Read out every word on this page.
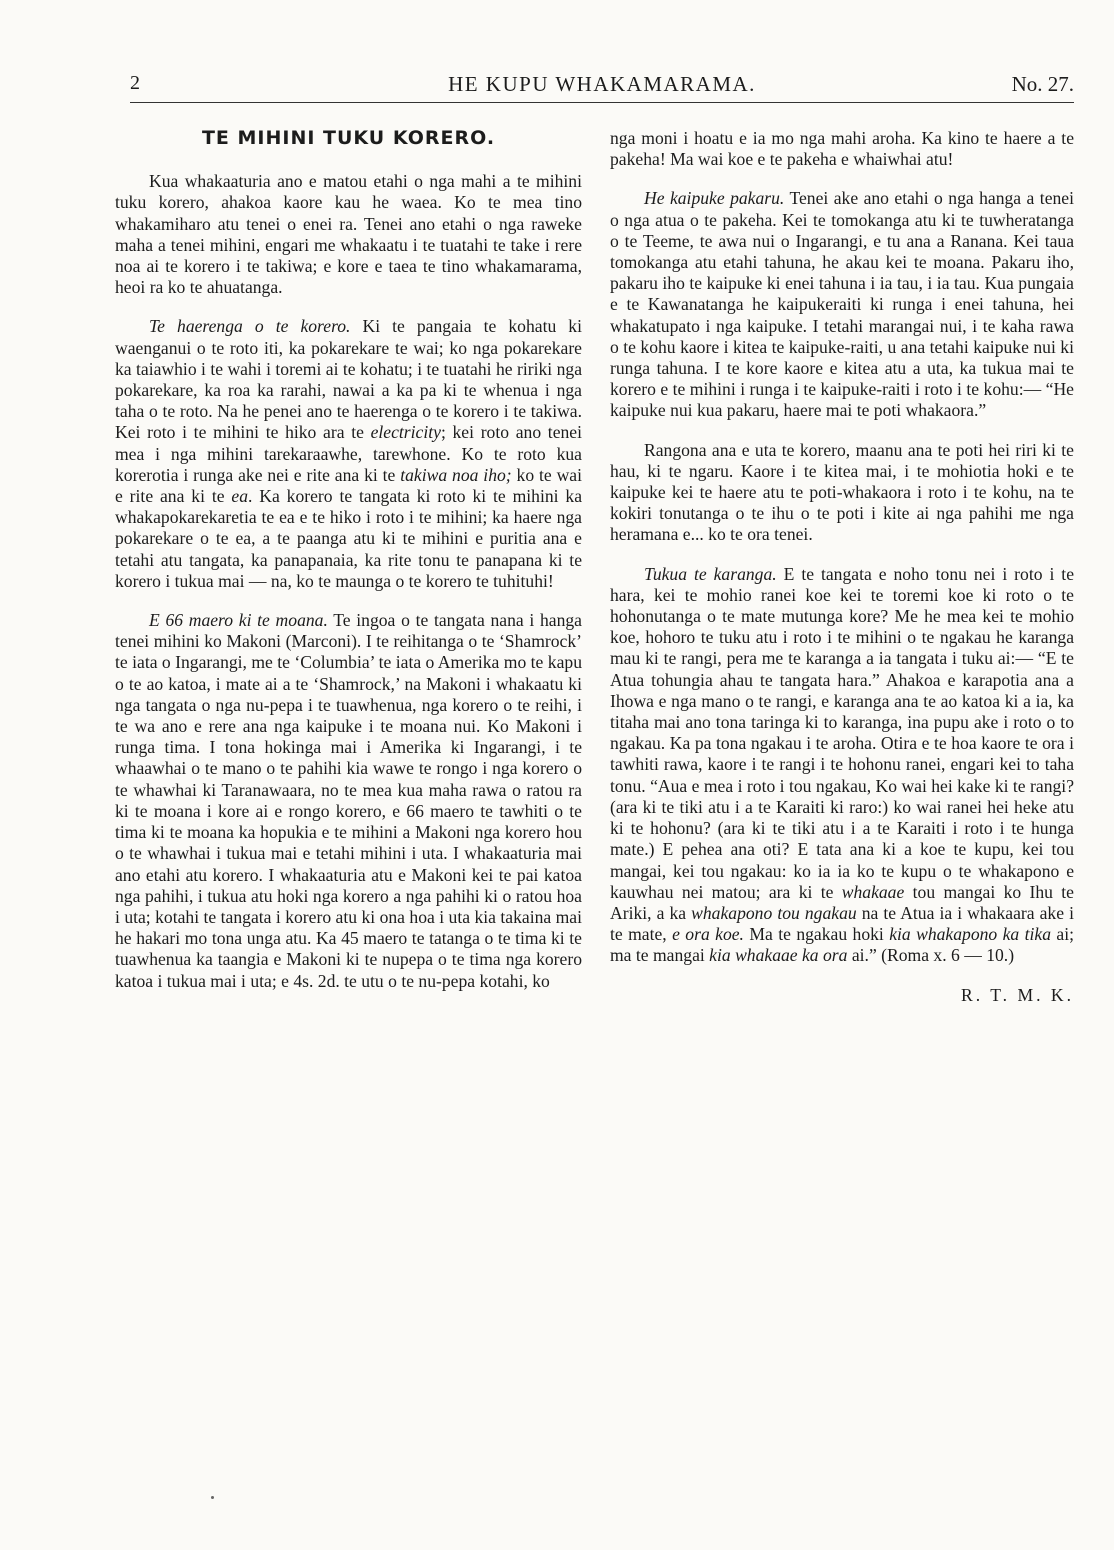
2	HE KUPU WHAKAMARAMA.	No. 27.
TE MIHINI TUKU KORERO.

Kua whakaaturia ano e matou etahi o nga mahi a te mihini tuku korero, ahakoa kaore kau he waea. Ko te mea tino whakamiharo atu tenei o enei ra. Tenei ano etahi o nga raweke maha a tenei mihini, engari me whakaatu i te tuatahi te take i rere noa ai te korero i te takiwa; e kore e taea te tino whakamarama, heoi ra ko te ahuatanga.

Te haerenga o te korero. Ki te pangaia te kohatu ki waenganui o te roto iti, ka pokarekare te wai; ko nga pokarekare ka taiawhio i te wahi i toremi ai te kohatu; i te tuatahi he ririki nga pokarekare, ka roa ka rarahi, nawai a ka pa ki te whenua i nga taha o te roto. Na he penei ano te haerenga o te korero i te takiwa. Kei roto i te mihini te hiko ara te electricity; kei roto ano tenei mea i nga mihini tarekaraawhe, tarewhone. Ko te roto kua korerotia i runga ake nei e rite ana ki te takiwa noa iho; ko te wai e rite ana ki te ea. Ka korero te tangata ki roto ki te mihini ka whakapokarekaretia te ea e te hiko i roto i te mihini; ka haere nga pokarekare o te ea, a te paanga atu ki te mihini e puritia ana e tetahi atu tangata, ka panapanaia, ka rite tonu te panapana ki te korero i tukua mai — na, ko te maunga o te korero te tuhituhi!

E 66 maero ki te moana. Te ingoa o te tangata nana i hanga tenei mihini ko Makoni (Marconi). I te reihitanga o te ‘Shamrock’ te iata o Ingarangi, me te ‘Columbia’ te iata o Amerika mo te kapu o te ao katoa, i mate ai a te ‘Shamrock,’ na Makoni i whakaatu ki nga tangata o nga nu-pepa i te tuawhenua, nga korero o te reihi, i te wa ano e rere ana nga kaipuke i te moana nui. Ko Makoni i runga tima. I tona hokinga mai i Amerika ki Ingarangi, i te whaawhai o te mano o te pahihi kia wawe te rongo i nga korero o te whawhai ki Taranawaara, no te mea kua maha rawa o ratou ra ki te moana i kore ai e rongo korero, e 66 maero te tawhiti o te tima ki te moana ka hopukia e te mihini a Makoni nga korero hou o te whawhai i tukua mai e tetahi mihini i uta. I whakaaturia mai ano etahi atu korero. I whakaaturia atu e Makoni kei te pai katoa nga pahihi, i tukua atu hoki nga korero a nga pahihi ki o ratou hoa i uta; kotahi te tangata i korero atu ki ona hoa i uta kia takaina mai he hakari mo tona unga atu. Ka 45 maero te tatanga o te tima ki te tuawhenua ka taangia e Makoni ki te nupepa o te tima nga korero katoa i tukua mai i uta; e 4s. 2d. te utu o te nu-pepa kotahi, ko

nga moni i hoatu e ia mo nga mahi aroha. Ka kino te haere a te pakeha! Ma wai koe e te pakeha e whaiwhai atu!

He kaipuke pakaru. Tenei ake ano etahi o nga hanga a tenei o nga atua o te pakeha. Kei te tomokanga atu ki te tuwheratanga o te Teeme, te awa nui o Ingarangi, e tu ana a Ranana. Kei taua tomokanga atu etahi tahuna, he akau kei te moana. Pakaru iho, pakaru iho te kaipuke ki enei tahuna i ia tau, i ia tau. Kua pungaia e te Kawanatanga he kaipukeraiti ki runga i enei tahuna, hei whakatupato i nga kaipuke. I tetahi marangai nui, i te kaha rawa o te kohu kaore i kitea te kaipuke-raiti, u ana tetahi kaipuke nui ki runga tahuna. I te kore kaore e kitea atu a uta, ka tukua mai te korero e te mihini i runga i te kaipuke-raiti i roto i te kohu:— “He kaipuke nui kua pakaru, haere mai te poti whakaora.”

Rangona ana e uta te korero, maanu ana te poti hei riri ki te hau, ki te ngaru. Kaore i te kitea mai, i te mohiotia hoki e te kaipuke kei te haere atu te poti-whakaora i roto i te kohu, na te kokiri tonutanga o te ihu o te poti i kite ai nga pahihi me nga heramana e... ko te ora tenei.

Tukua te karanga. E te tangata e noho tonu nei i roto i te hara, kei te mohio ranei koe kei te toremi koe ki roto o te hohonutanga o te mate mutunga kore? Me he mea kei te mohio koe, hohoro te tuku atu i roto i te mihini o te ngakau he karanga mau ki te rangi, pera me te karanga a ia tangata i tuku ai:— “E te Atua tohungia ahau te tangata hara.” Ahakoa e karapotia ana a Ihowa e nga mano o te rangi, e karanga ana te ao katoa ki a ia, ka titaha mai ano tona taringa ki to karanga, ina pupu ake i roto o to ngakau. Ka pa tona ngakau i te aroha. Otira e te hoa kaore te ora i tawhiti rawa, kaore i te rangi i te hohonu ranei, engari kei to taha tonu. “Aua e mea i roto i tou ngakau, Ko wai hei kake ki te rangi? (ara ki te tiki atu i a te Karaiti ki raro:) ko wai ranei hei heke atu ki te hohonu? (ara ki te tiki atu i a te Karaiti i roto i te hunga mate.) E pehea ana oti? E tata ana ki a koe te kupu, kei tou mangai, kei tou ngakau: ko ia ia ko te kupu o te whakapono e kauwhau nei matou; ara ki te whakaae tou mangai ko Ihu te Ariki, a ka whakapono tou ngakau na te Atua ia i whakaara ake i te mate, e ora koe. Ma te ngakau hoki kia whakapono ka tika ai; ma te mangai kia whakaae ka ora ai.” (Roma x. 6 — 10.)

R. T. M. K.
